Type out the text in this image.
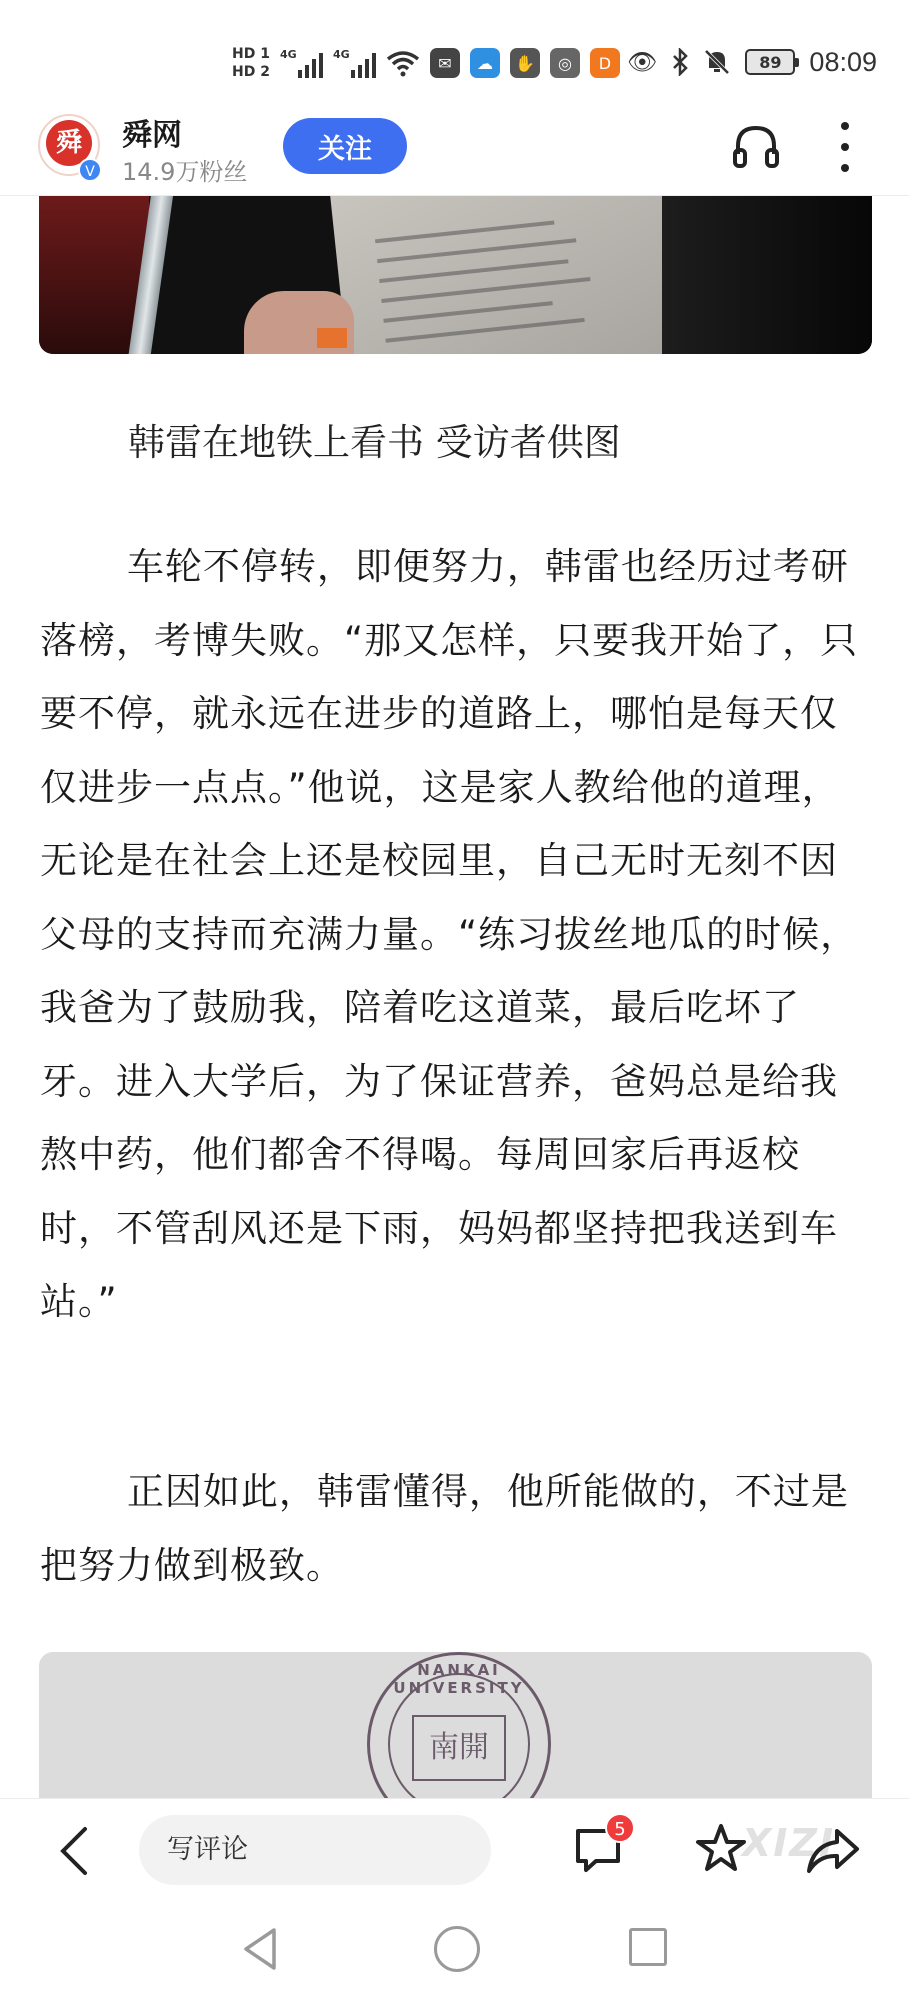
HD 1
HD 2
4G	4G	✉	☁	✋	◎	D 👁	89 08:09
舜
V
舜网
14.9万粉丝
关注
韩雷在地铁上看书 受访者供图
车轮不停转，即便努力，韩雷也经历过考研落榜，考博失败。“那又怎样，只要我开始了，只要不停，就永远在进步的道路上，哪怕是每天仅仅进步一点点。”他说，这是家人教给他的道理，无论是在社会上还是校园里，自己无时无刻不因父母的支持而充满力量。“练习拔丝地瓜的时候，我爸为了鼓励我，陪着吃这道菜，最后吃坏了牙。进入大学后，为了保证营养，爸妈总是给我熬中药，他们都舍不得喝。每周回家后再返校时，不管刮风还是下雨，妈妈都坚持把我送到车站。”
正因如此，韩雷懂得，他所能做的，不过是把努力做到极致。
NANKAI UNIVERSITY
南開
写评论
5	XIZI
